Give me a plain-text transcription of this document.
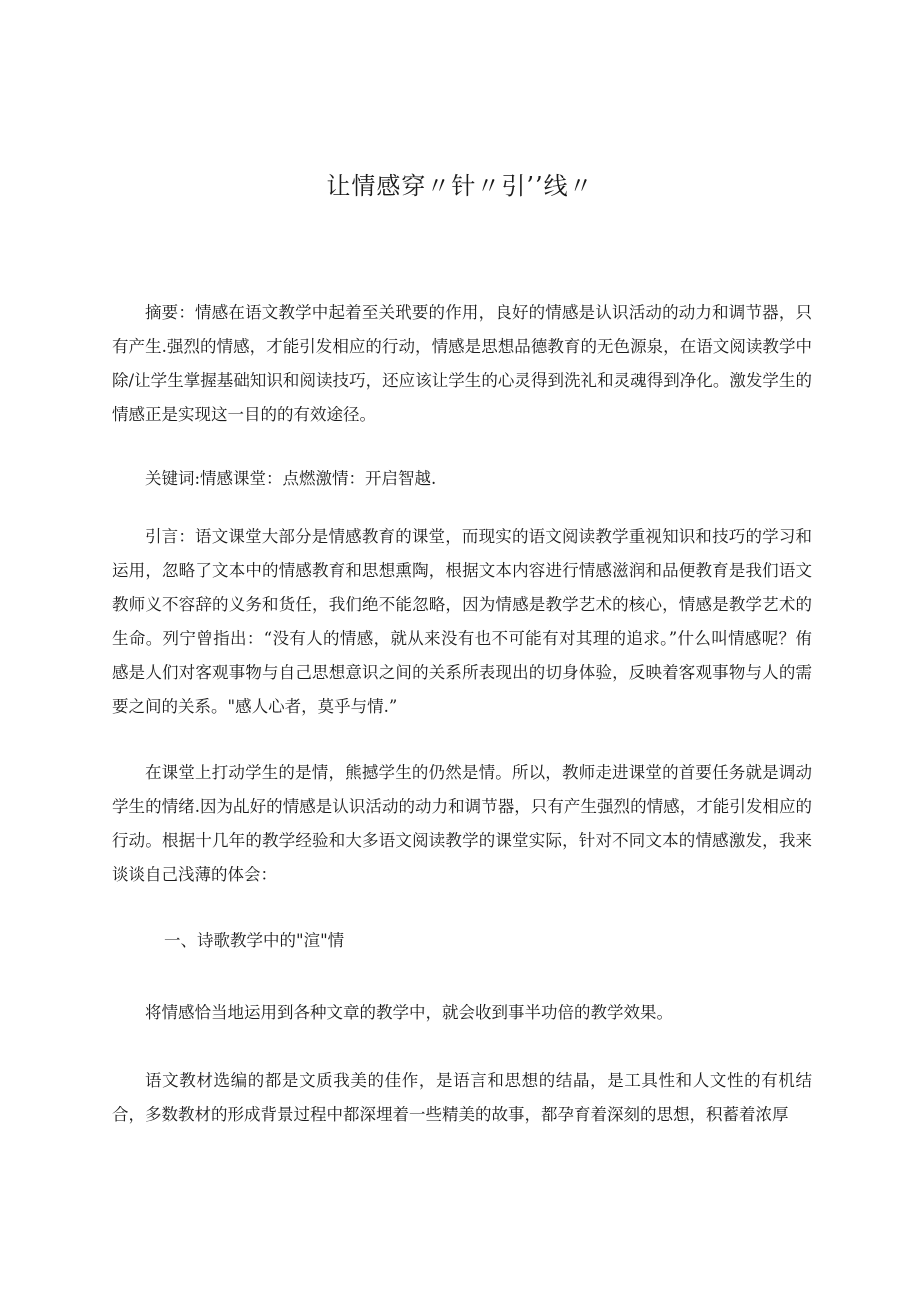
让情感穿〃针〃引’’线〃

摘要：情感在语文教学中起着至关玳要的作用，良好的情感是认识活动的动力和调节器，只有产生.强烈的情感，才能引发相应的行动，情感是思想品德教育的无色源泉，在语文阅读教学中除/让学生掌握基础知识和阅读技巧，还应该让学生的心灵得到洗礼和灵魂得到净化。激发学生的情感正是实现这一目的的有效途径。

关键词:情感课堂：点燃激情：开启智越.

引言：语文课堂大部分是情感教育的课堂，而现实的语文阅读教学重视知识和技巧的学习和运用，忽略了文本中的情感教育和思想熏陶，根据文本内容进行情感滋润和品便教育是我们语文教师义不容辞的义务和货任，我们绝不能忽略，因为情感是教学艺术的核心，情感是教学艺术的生命。列宁曾指出：“没有人的情感，就从来没有也不可能有对其理的追求。”什么叫情感呢？侑感是人们对客观事物与自己思想意识之间的关系所表现出的切身体验，反映着客观事物与人的需要之间的关系。"感人心者，莫乎与情.”

在课堂上打动学生的是情，熊撼学生的仍然是情。所以，教师走进课堂的首要任务就是调动学生的情绪.因为乩好的情感是认识活动的动力和调节器，只有产生强烈的情感，才能引发相应的行动。根据十几年的教学经验和大多语文阅读教学的课堂实际，针对不同文本的情感激发，我来谈谈自己浅薄的体会：

一、诗歌教学中的"渲"情

将情感恰当地运用到各种文章的教学中，就会收到事半功倍的教学效果。

语文教材选编的都是文质我美的佳作，是语言和思想的结晶，是工具性和人文性的有机结合，多数教材的形成背景过程中都深埋着一些精美的故事，都孕育着深刻的思想，积蓄着浓厚
